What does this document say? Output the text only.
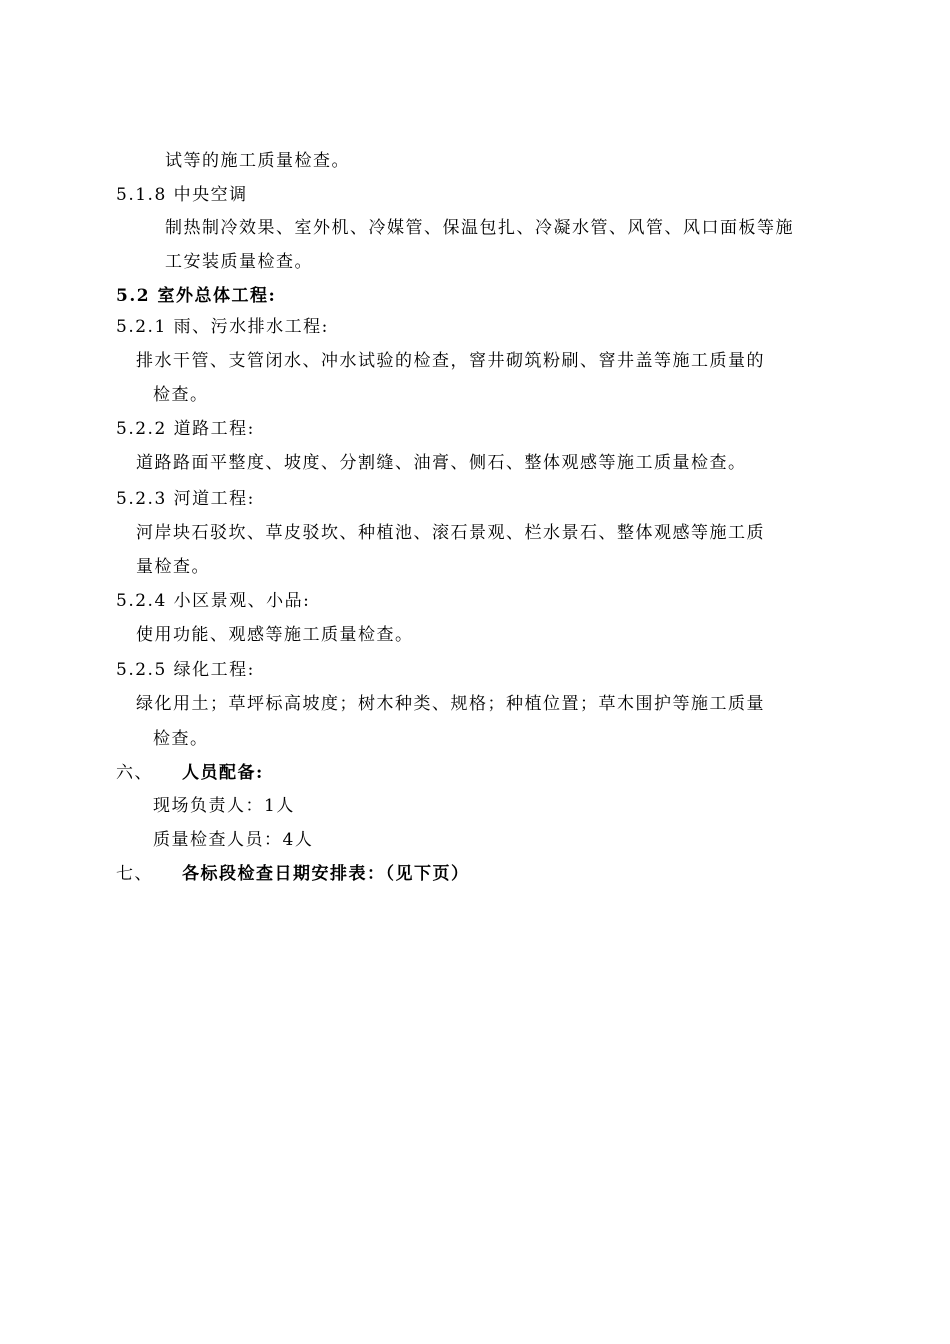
试等的施工质量检查。
5.1.8 中央空调
制热制冷效果、室外机、冷媒管、保温包扎、冷凝水管、风管、风口面板等施
工安装质量检查。
5.2 室外总体工程:
5.2.1 雨、污水排水工程:
排水干管、支管闭水、冲水试验的检查，窨井砌筑粉刷、窨井盖等施工质量的
检查。
5.2.2 道路工程:
道路路面平整度、坡度、分割缝、油膏、侧石、整体观感等施工质量检查。
5.2.3 河道工程:
河岸块石驳坎、草皮驳坎、种植池、滚石景观、栏水景石、整体观感等施工质
量检查。
5.2.4 小区景观、小品:
使用功能、观感等施工质量检查。
5.2.5 绿化工程:
绿化用土；草坪标高坡度；树木种类、规格；种植位置；草木围护等施工质量
检查。
六、 人员配备:
现场负责人：1人
质量检查人员：4人
七、 各标段检查日期安排表：（见下页）
